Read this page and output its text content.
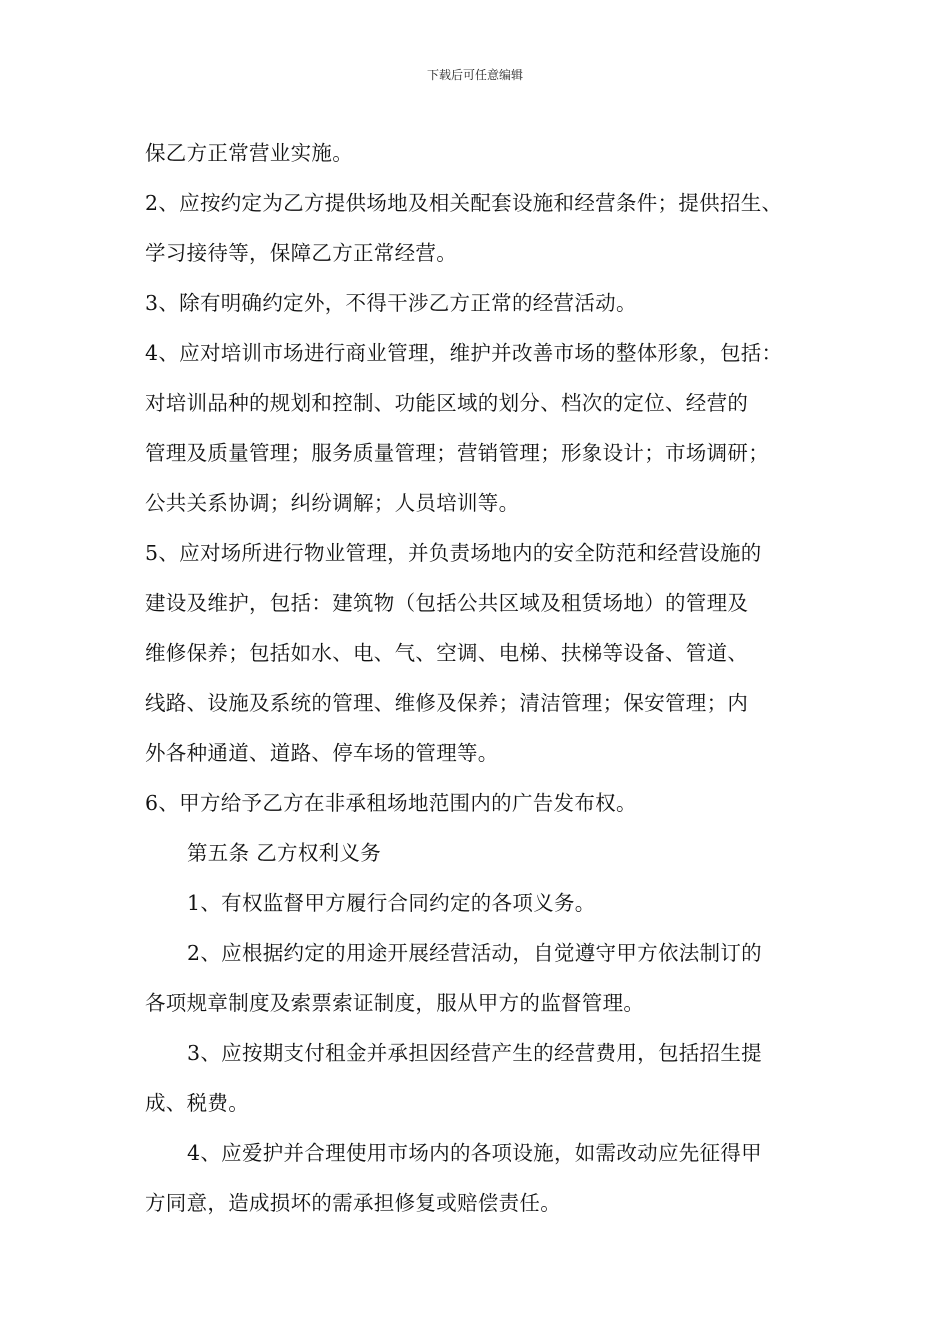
下载后可任意编辑
保乙方正常营业实施。
2、应按约定为乙方提供场地及相关配套设施和经营条件；提供招生、
学习接待等，保障乙方正常经营。
3、除有明确约定外，不得干涉乙方正常的经营活动。
4、应对培训市场进行商业管理，维护并改善市场的整体形象，包括：
对培训品种的规划和控制、功能区域的划分、档次的定位、经营的
管理及质量管理；服务质量管理；营销管理；形象设计；市场调研；
公共关系协调；纠纷调解；人员培训等。
5、应对场所进行物业管理，并负责场地内的安全防范和经营设施的
建设及维护，包括：建筑物（包括公共区域及租赁场地）的管理及
维修保养；包括如水、电、气、空调、电梯、扶梯等设备、管道、
线路、设施及系统的管理、维修及保养；清洁管理；保安管理；内
外各种通道、道路、停车场的管理等。
6、甲方给予乙方在非承租场地范围内的广告发布权。
第五条 乙方权利义务
1、有权监督甲方履行合同约定的各项义务。
2、应根据约定的用途开展经营活动，自觉遵守甲方依法制订的
各项规章制度及索票索证制度，服从甲方的监督管理。
3、应按期支付租金并承担因经营产生的经营费用，包括招生提
成、税费。
4、应爱护并合理使用市场内的各项设施，如需改动应先征得甲
方同意，造成损坏的需承担修复或赔偿责任。
